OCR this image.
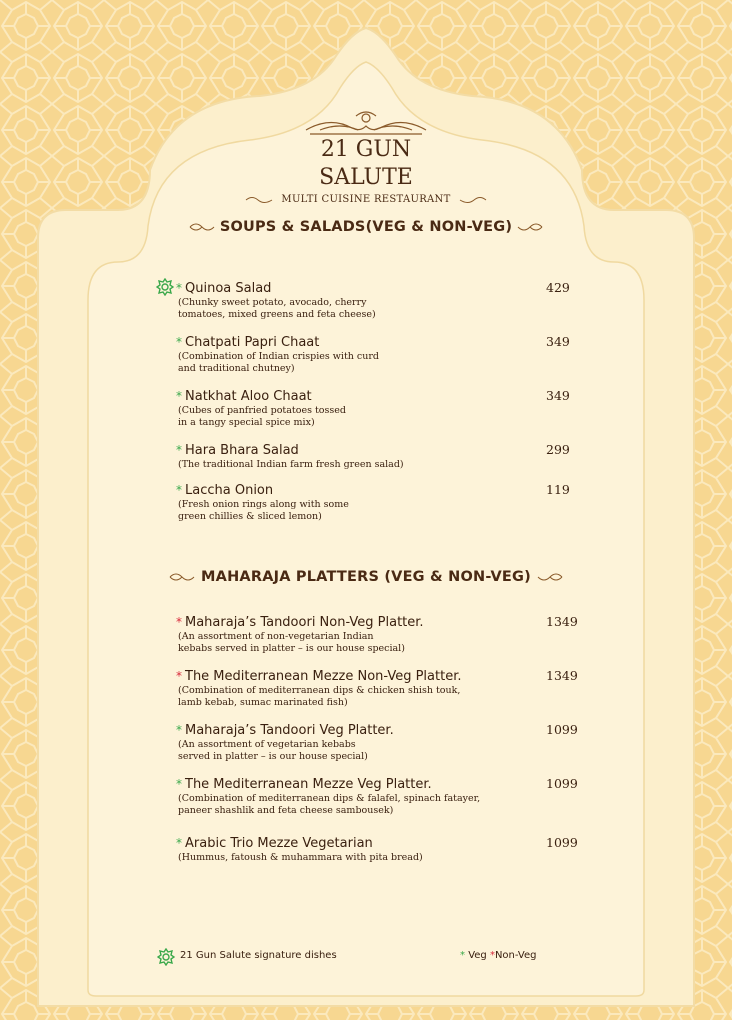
21 GUN
SALUTE
MULTI CUISINE RESTAURANT
SOUPS & SALADS(VEG & NON-VEG)
* Quinoa Salad	429
(Chunky sweet potato, avocado, cherry
tomatoes, mixed greens and feta cheese)
* Chatpati Papri Chaat	349
(Combination of Indian crispies with curd
and traditional chutney)
* Natkhat Aloo Chaat	349
(Cubes of panfried potatoes tossed
in a tangy special spice mix)
* Hara Bhara Salad	299
(The traditional Indian farm fresh green salad)
* Laccha Onion	119
(Fresh onion rings along with some
green chillies & sliced lemon)
MAHARAJA PLATTERS (VEG & NON-VEG)
* Maharaja’s Tandoori Non-Veg Platter.	1349
(An assortment of non-vegetarian Indian
kebabs served in platter – is our house special)
* The Mediterranean Mezze Non-Veg Platter.	1349
(Combination of mediterranean dips & chicken shish touk,
lamb kebab, sumac marinated fish)
* Maharaja’s Tandoori Veg Platter.	1099
(An assortment of vegetarian kebabs
served in platter – is our house special)
* The Mediterranean Mezze Veg Platter.	1099
(Combination of mediterranean dips & falafel, spinach fatayer,
paneer shashlik and feta cheese sambousek)
* Arabic Trio Mezze Vegetarian	1099
(Hummus, fatoush & muhammara with pita bread)
21 Gun Salute signature dishes	* Veg *Non-Veg
